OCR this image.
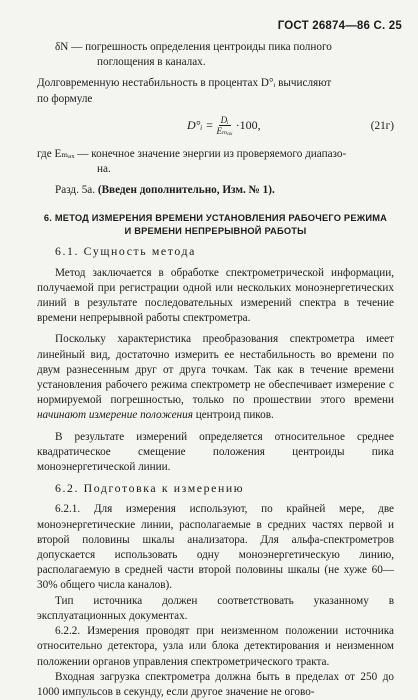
ГОСТ 26874—86 С. 25

δN — погрешность определения центроиды пика полного

поглощения в каналах.

Долговременную нестабильность в процентах D°ᵢ вычисляют

по формуле

D°ᵢ = $\frac{\text{Dᵢ}}{\text{Eₘₐₓ}} \cdot 100$,	(21г)

где Eₘₐₓ — конечное значение энергии из проверяемого диапазо-

на.

Разд. 5а. (Введен дополнительно, Изм. № 1).

6. МЕТОД ИЗМЕРЕНИЯ ВРЕМЕНИ УСТАНОВЛЕНИЯ РАБОЧЕГО РЕЖИМА
И ВРЕМЕНИ НЕПРЕРЫВНОЙ РАБОТЫ

6.1. Сущность метода

Метод заключается в обработке спектрометрической информации, получаемой при регистрации одной или нескольких моноэнергетических линий в результате последовательных измерений спектра в течение времени непрерывной работы спектрометра.

Поскольку характеристика преобразования спектрометра имеет линейный вид, достаточно измерить ее нестабильность во времени по двум разнесенным друг от друга точкам. Так как в течение времени установления рабочего режима спектрометр не обеспечивает измерение с нормируемой погрешностью, только по прошествии этого времени начинают измерение положения центроид пиков.

В результате измерений определяется относительное среднее квадратическое смещение положения центроиды пика моноэнергетической линии.

6.2. Подготовка к измерению

6.2.1. Для измерения используют, по крайней мере, две моноэнергетические линии, располагаемые в средних частях первой и второй половины шкалы анализатора. Для альфа-спектрометров допускается использовать одну моноэнергетическую линию, располагаемую в средней части второй половины шкалы (не хуже 60—30% общего числа каналов).

Тип источника должен соответствовать указанному в эксплуатационных документах.

6.2.2. Измерения проводят при неизменном положении источника относительно детектора, узла или блока детектирования и неизменном положении органов управления спектрометрического тракта.

Входная загрузка спектрометра должна быть в пределах от 250 до 1000 импульсов в секунду, если другое значение не огово-
